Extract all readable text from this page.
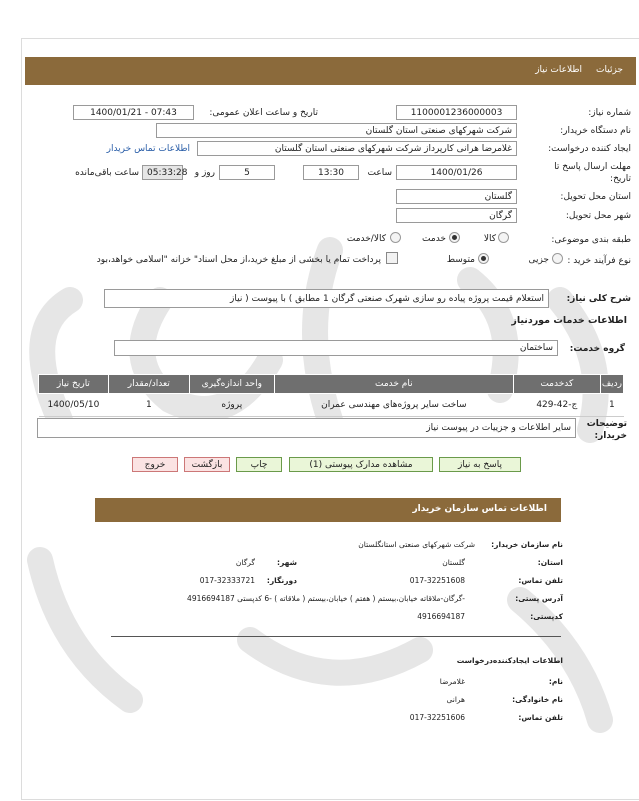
جزئیات
اطلاعات نیاز
شماره نیاز:
1100001236000003
تاریخ و ساعت اعلان عمومی:
1400/01/21 - 07:43
نام دستگاه خریدار:
شرکت شهرکهای صنعتی استان گلستان
ایجاد کننده درخواست:
غلامرضا هرانی کارپرداز شرکت شهرکهای صنعتی استان گلستان
اطلاعات تماس خریدار
مهلت ارسال پاسخ تا تاریخ:
1400/01/26
ساعت
13:30
5
روز و
05:33:28
ساعت باقی‌مانده
استان محل تحویل:
گلستان
شهر محل تحویل:
گرگان
طبقه بندی موضوعی:
کالا
خدمت
کالا/خدمت
نوع فرآیند خرید :
جزیی
متوسط
پرداخت تمام یا بخشی از مبلغ خرید،از محل اسناد" خزانه "اسلامی خواهد،بود
شرح کلی نیاز:
استعلام قیمت پروژه پیاده رو سازی شهرک صنعتی گرگان 1 مطابق ) با پیوست ( نیاز
اطلاعات خدمات موردنیاز
گروه خدمت:
ساختمان
ردیف	کدخدمت	نام خدمت	واحد اندازه‌گیری	تعداد/مقدار	تاریخ نیاز
1	ج-42-429	ساخت سایر پروژه‌های مهندسی عمران	پروژه	1	1400/05/10
توضیحات خریدار:
سایر اطلاعات و جزییات در پیوست نیاز
پاسخ به نیاز
مشاهده مدارک پیوستی (1)
چاپ
بازگشت
خروج
اطلاعات تماس سازمان خریدار
نام سازمان خریدار:
شرکت شهرکهای صنعتی استانگلستان
استان:
گلستان
شهر:
گرگان
تلفن تماس:
017-32251608
دورنگار:
017-32333721
آدرس پستی:
-گرگان-ملاقاته خیابان،بیستم ( هفتم ) خیابان،بیستم ( ملاقاته ) -6 کدپستی 4916694187
کدپستی:
4916694187
اطلاعات ایجادکننده‌درخواست
نام:
غلامرضا
نام خانوادگی:
هرانی
تلفن تماس:
017-32251606
